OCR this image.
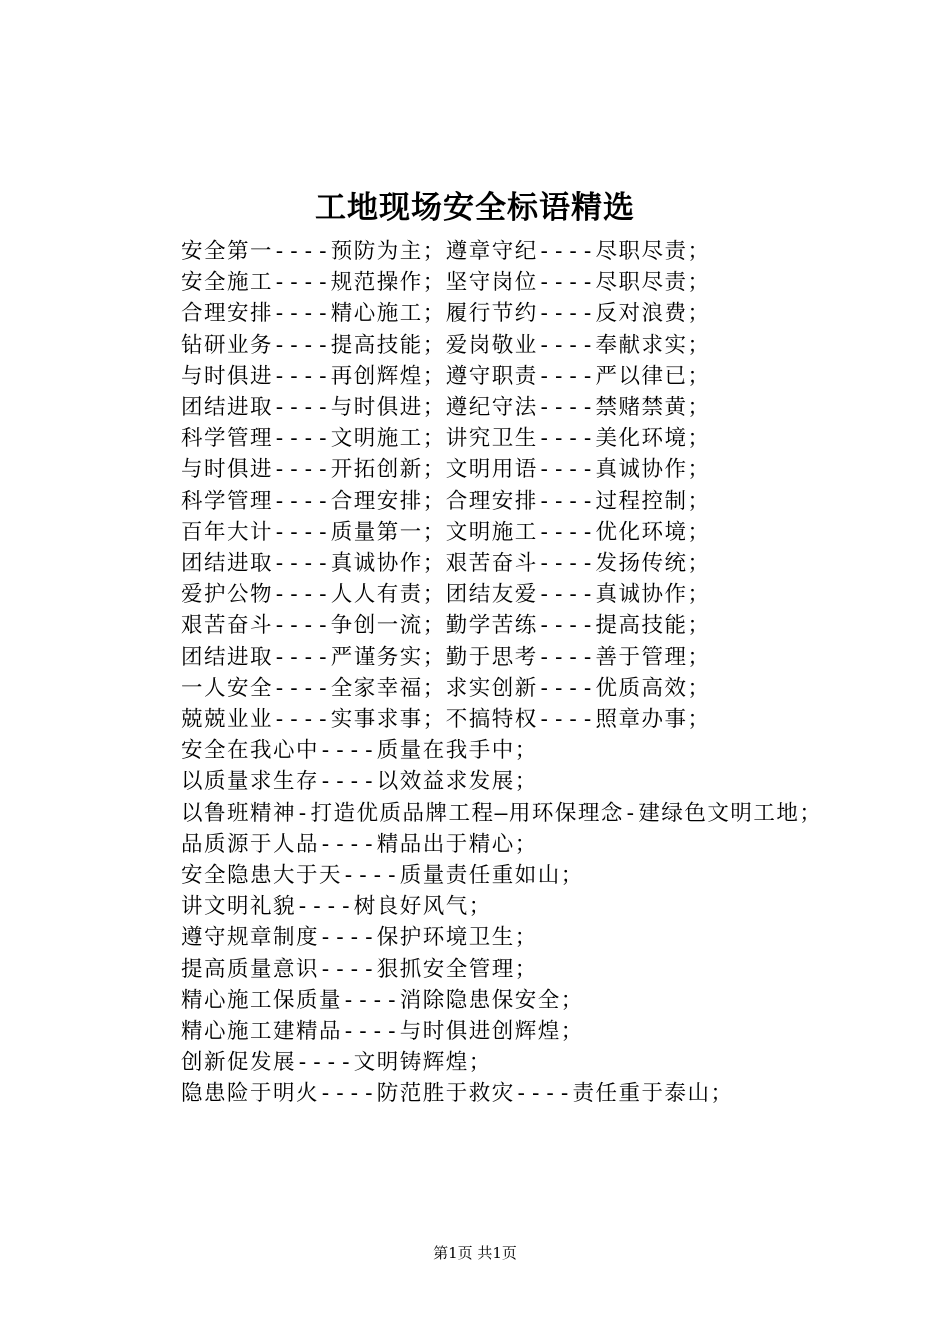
工地现场安全标语精选
安全第一----预防为主；遵章守纪----尽职尽责；
安全施工----规范操作；坚守岗位----尽职尽责；
合理安排----精心施工；履行节约----反对浪费；
钻研业务----提高技能；爱岗敬业----奉献求实；
与时俱进----再创辉煌；遵守职责----严以律已；
团结进取----与时俱进；遵纪守法----禁赌禁黄；
科学管理----文明施工；讲究卫生----美化环境；
与时俱进----开拓创新；文明用语----真诚协作；
科学管理----合理安排；合理安排----过程控制；
百年大计----质量第一；文明施工----优化环境；
团结进取----真诚协作；艰苦奋斗----发扬传统；
爱护公物----人人有责；团结友爱----真诚协作；
艰苦奋斗----争创一流；勤学苦练----提高技能；
团结进取----严谨务实；勤于思考----善于管理；
一人安全----全家幸福；求实创新----优质高效；
兢兢业业----实事求事；不搞特权----照章办事；
安全在我心中----质量在我手中；
以质量求生存----以效益求发展；
以鲁班精神-打造优质品牌工程—用环保理念-建绿色文明工地；
品质源于人品----精品出于精心；
安全隐患大于天----质量责任重如山；
讲文明礼貌----树良好风气；
遵守规章制度----保护环境卫生；
提高质量意识----狠抓安全管理；
精心施工保质量----消除隐患保安全；
精心施工建精品----与时俱进创辉煌；
创新促发展----文明铸辉煌；
隐患险于明火----防范胜于救灾----责任重于泰山；
第1页 共1页
